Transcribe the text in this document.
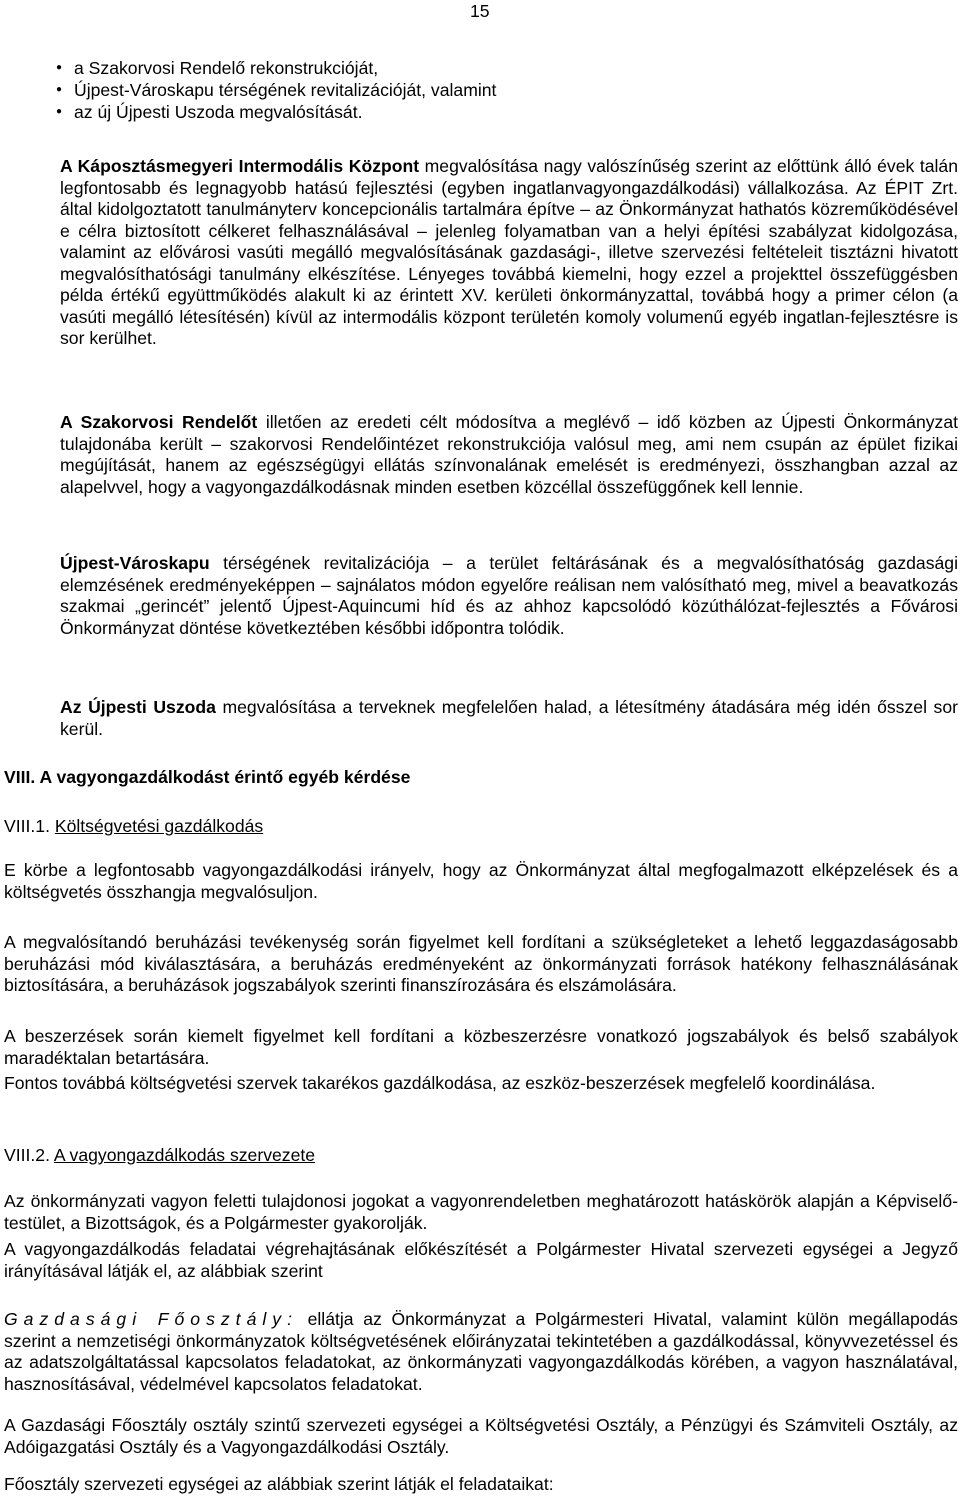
15
● a Szakorvosi Rendelő rekonstrukcióját,
● Újpest-Városkapu térségének revitalizációját, valamint
● az új Újpesti Uszoda megvalósítását.
A Káposztásmegyeri Intermodális Központ megvalósítása nagy valószínűség szerint az előttünk álló évek talán legfontosabb és legnagyobb hatású fejlesztési (egyben ingatlanvagyongazdálkodási) vállalkozása. Az ÉPIT Zrt. által kidolgoztatott tanulmányterv koncepcionális tartalmára építve – az Önkormányzat hathatós közreműködésével e célra biztosított célkeret felhasználásával – jelenleg folyamatban van a helyi építési szabályzat kidolgozása, valamint az elővárosi vasúti megálló megvalósításának gazdasági-, illetve szervezési feltételeit tisztázni hivatott megvalósíthatósági tanulmány elkészítése. Lényeges továbbá kiemelni, hogy ezzel a projekttel összefüggésben példa értékű együttműködés alakult ki az érintett XV. kerületi önkormányzattal, továbbá hogy a primer célon (a vasúti megálló létesítésén) kívül az intermodális központ területén komoly volumenű egyéb ingatlan-fejlesztésre is sor kerülhet.
A Szakorvosi Rendelőt illetően az eredeti célt módosítva a meglévő – idő közben az Újpesti Önkormányzat tulajdonába került – szakorvosi Rendelőintézet rekonstrukciója valósul meg, ami nem csupán az épület fizikai megújítását, hanem az egészségügyi ellátás színvonalának emelését is eredményezi, összhangban azzal az alapelvvel, hogy a vagyongazdálkodásnak minden esetben közcéllal összefüggőnek kell lennie.
Újpest-Városkapu térségének revitalizációja – a terület feltárásának és a megvalósíthatóság gazdasági elemzésének eredményeképpen – sajnálatos módon egyelőre reálisan nem valósítható meg, mivel a beavatkozás szakmai „gerincét” jelentő Újpest-Aquincumi híd és az ahhoz kapcsolódó közúthálózat-fejlesztés a Fővárosi Önkormányzat döntése következtében későbbi időpontra tolódik.
Az Újpesti Uszoda megvalósítása a terveknek megfelelően halad, a létesítmény átadására még idén ősszel sor kerül.
VIII. A vagyongazdálkodást érintő egyéb kérdése
VIII.1. Költségvetési gazdálkodás
E körbe a legfontosabb vagyongazdálkodási irányelv, hogy az Önkormányzat által megfogalmazott elképzelések és a költségvetés összhangja megvalósuljon.
A megvalósítandó beruházási tevékenység során figyelmet kell fordítani a szükségleteket a lehető leggazdaságosabb beruházási mód kiválasztására, a beruházás eredményeként az önkormányzati források hatékony felhasználásának biztosítására, a beruházások jogszabályok szerinti finanszírozására és elszámolására.
A beszerzések során kiemelt figyelmet kell fordítani a közbeszerzésre vonatkozó jogszabályok és belső szabályok maradéktalan betartására.
Fontos továbbá költségvetési szervek takarékos gazdálkodása, az eszköz-beszerzések megfelelő koordinálása.
VIII.2. A vagyongazdálkodás szervezete
Az önkormányzati vagyon feletti tulajdonosi jogokat a vagyonrendeletben meghatározott hatáskörök alapján a Képviselő-testület, a Bizottságok, és a Polgármester gyakorolják.
A vagyongazdálkodás feladatai végrehajtásának előkészítését a Polgármester Hivatal szervezeti egységei a Jegyző irányításával látják el, az alábbiak szerint
Gazdasági Főosztály: ellátja az Önkormányzat a Polgármesteri Hivatal, valamint külön megállapodás szerint a nemzetiségi önkormányzatok költségvetésének előirányzatai tekintetében a gazdálkodással, könyvvezetéssel és az adatszolgáltatással kapcsolatos feladatokat, az önkormányzati vagyongazdálkodás körében, a vagyon használatával, hasznosításával, védelmével kapcsolatos feladatokat.
A Gazdasági Főosztály osztály szintű szervezeti egységei a Költségvetési Osztály, a Pénzügyi és Számviteli Osztály, az Adóigazgatási Osztály és a Vagyongazdálkodási Osztály.
Főosztály szervezeti egységei az alábbiak szerint látják el feladataikat:
